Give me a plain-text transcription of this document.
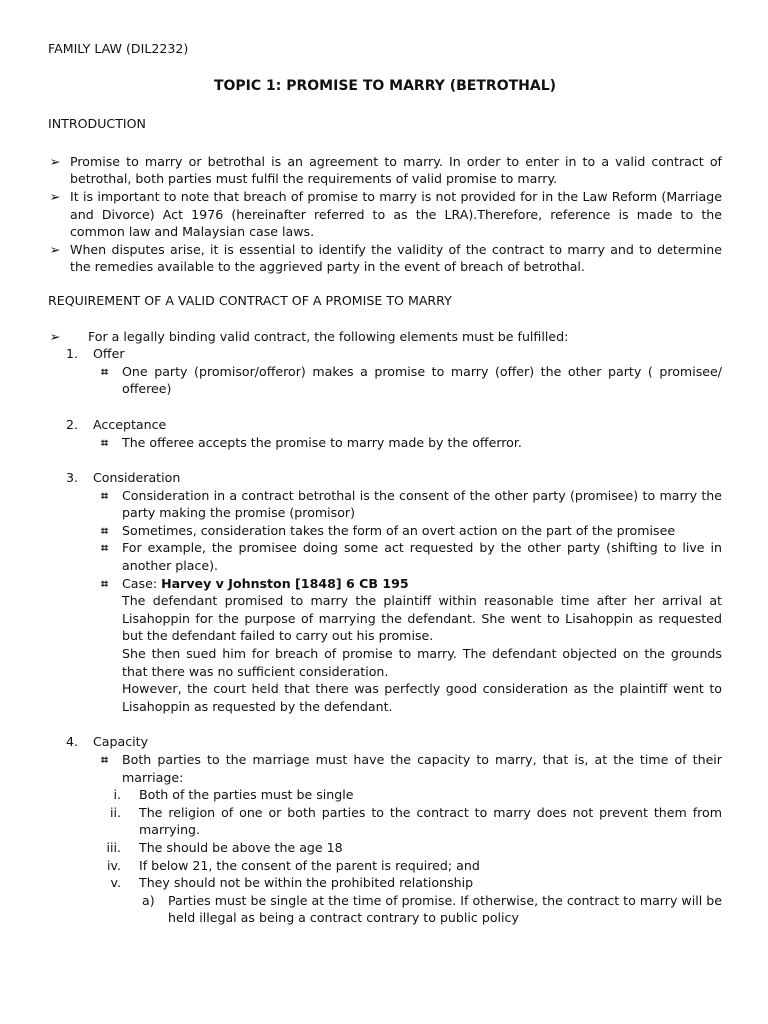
FAMILY LAW (DIL2232)

TOPIC 1: PROMISE TO MARRY (BETROTHAL)

INTRODUCTION

➢ Promise to marry or betrothal is an agreement to marry. In order to enter in to a valid contract of betrothal, both parties must fulfil the requirements of valid promise to marry.
➢ It is important to note that breach of promise to marry is not provided for in the Law Reform (Marriage and Divorce) Act 1976 (hereinafter referred to as the LRA).Therefore, reference is made to the common law and Malaysian case laws.
➢ When disputes arise, it is essential to identify the validity of the contract to marry and to determine the remedies available to the aggrieved party in the event of breach of betrothal.

REQUIREMENT OF A VALID CONTRACT OF A PROMISE TO MARRY

➢ For a legally binding valid contract, the following elements must be fulfilled:
1. Offer
⌗ One party (promisor/offeror) makes a promise to marry (offer) the other party ( promisee/ offeree)
2. Acceptance
⌗ The offeree accepts the promise to marry made by the offerror.
3. Consideration
⌗ Consideration in a contract betrothal is the consent of the other party (promisee) to marry the party making the promise (promisor)
⌗ Sometimes, consideration takes the form of an overt action on the part of the promisee
⌗ For example, the promisee doing some act requested by the other party (shifting to live in another place).
⌗ Case: Harvey v Johnston [1848] 6 CB 195
The defendant promised to marry the plaintiff within reasonable time after her arrival at Lisahoppin for the purpose of marrying the defendant. She went to Lisahoppin as requested but the defendant failed to carry out his promise.
She then sued him for breach of promise to marry. The defendant objected on the grounds that there was no sufficient consideration.
However, the court held that there was perfectly good consideration as the plaintiff went to Lisahoppin as requested by the defendant.
4. Capacity
⌗ Both parties to the marriage must have the capacity to marry, that is, at the time of their marriage:
i. Both of the parties must be single
ii. The religion of one or both parties to the contract to marry does not prevent them from marrying.
iii. The should be above the age 18
iv. If below 21, the consent of the parent is required; and
v. They should not be within the prohibited relationship
a) Parties must be single at the time of promise. If otherwise, the contract to marry will be held illegal as being a contract contrary to public policy
